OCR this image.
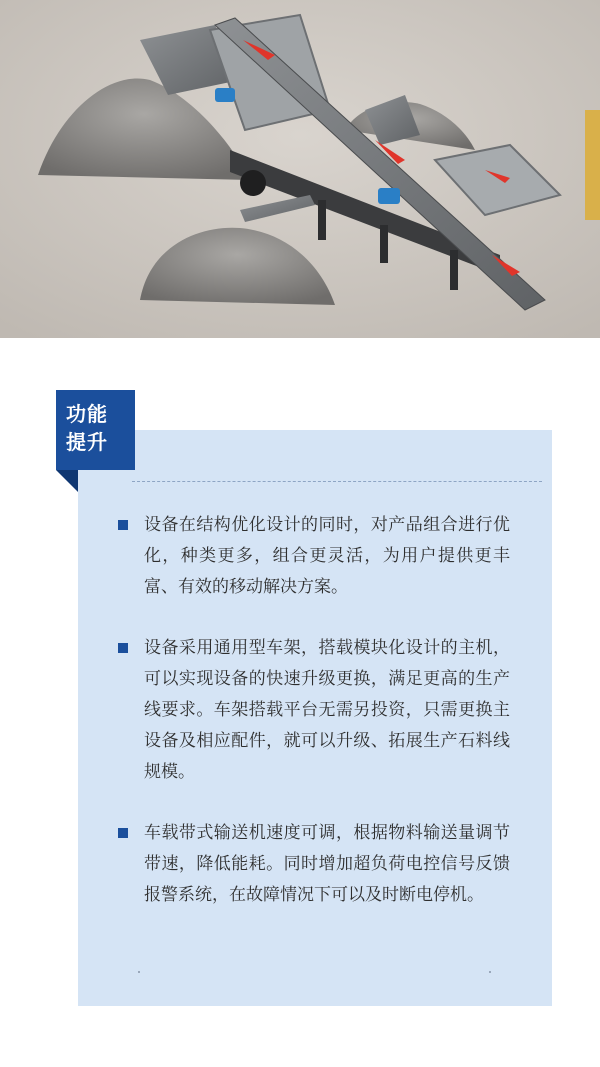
功能
提升
设备在结构优化设计的同时，对产品组合进行优化，种类更多，组合更灵活，为用户提供更丰富、有效的移动解决方案。
设备采用通用型车架，搭载模块化设计的主机，可以实现设备的快速升级更换，满足更高的生产线要求。车架搭载平台无需另投资，只需更换主设备及相应配件，就可以升级、拓展生产石料线规模。
车载带式输送机速度可调，根据物料输送量调节带速，降低能耗。同时增加超负荷电控信号反馈报警系统，在故障情况下可以及时断电停机。
